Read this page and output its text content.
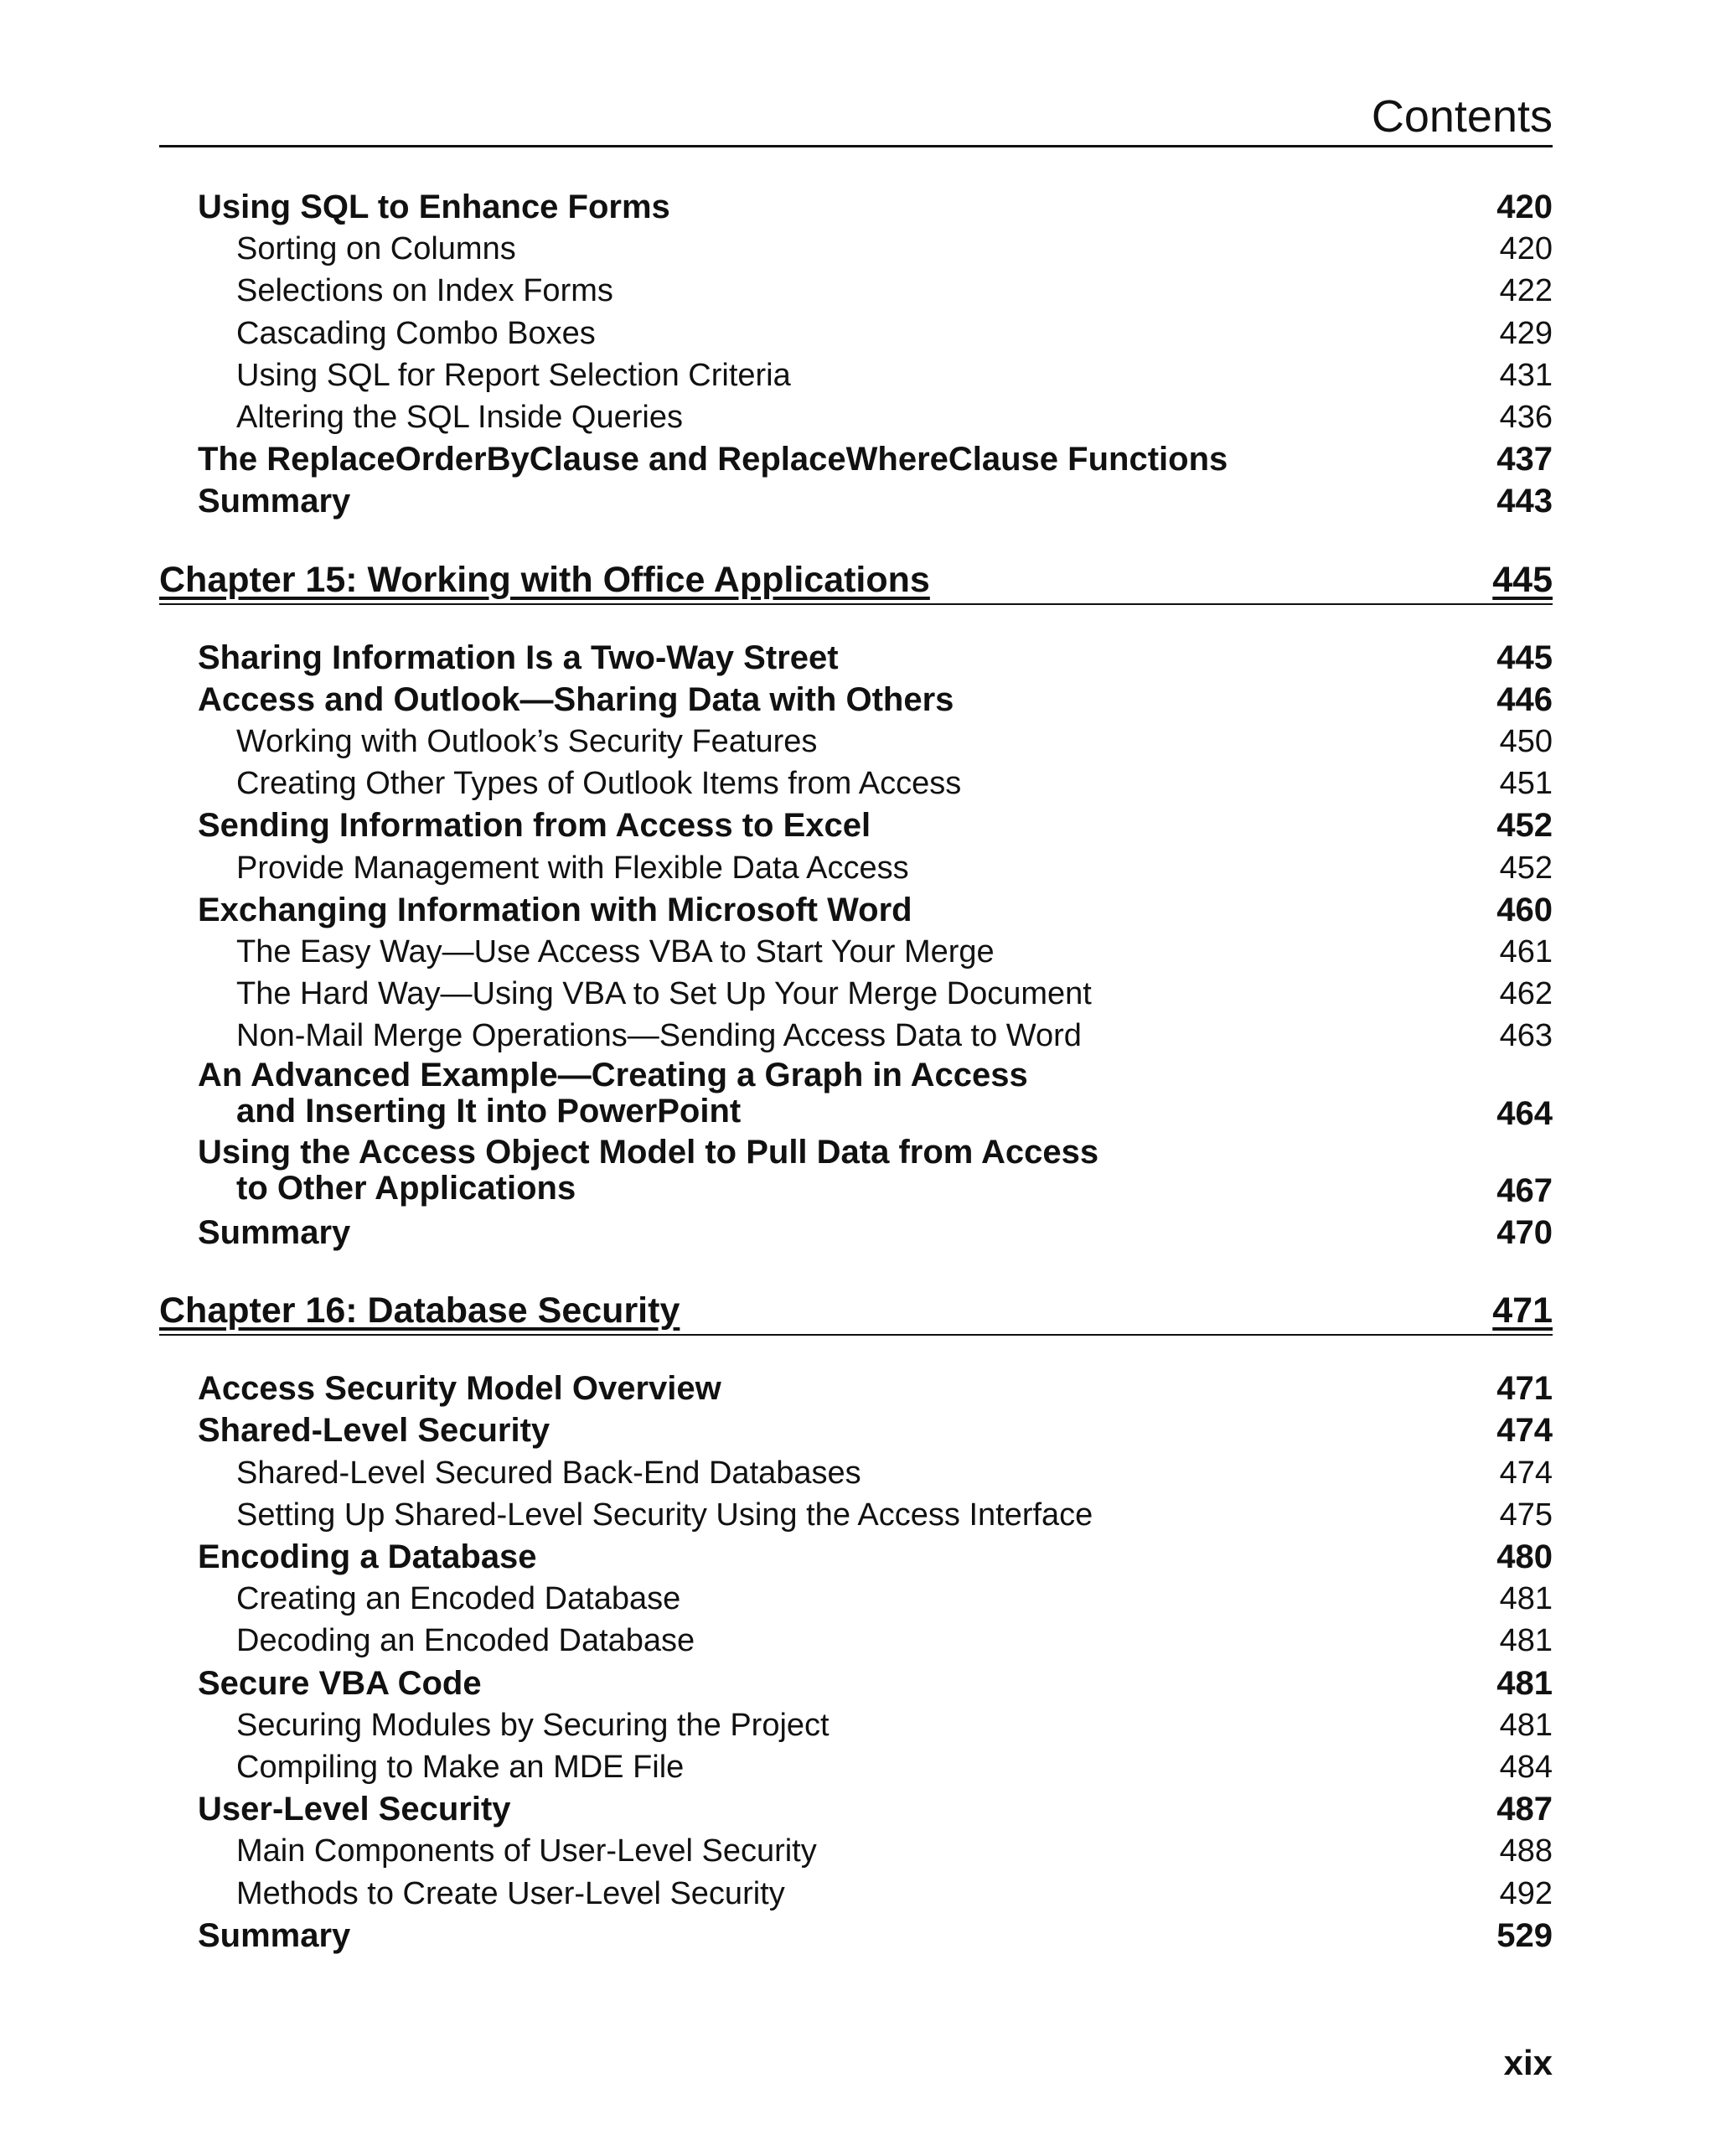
Contents
Using SQL to Enhance Forms	420
Sorting on Columns	420
Selections on Index Forms	422
Cascading Combo Boxes	429
Using SQL for Report Selection Criteria	431
Altering the SQL Inside Queries	436
The ReplaceOrderByClause and ReplaceWhereClause Functions	437
Summary	443
Chapter 15: Working with Office Applications	445
Sharing Information Is a Two-Way Street	445
Access and Outlook—Sharing Data with Others	446
Working with Outlook’s Security Features	450
Creating Other Types of Outlook Items from Access	451
Sending Information from Access to Excel	452
Provide Management with Flexible Data Access	452
Exchanging Information with Microsoft Word	460
The Easy Way—Use Access VBA to Start Your Merge	461
The Hard Way—Using VBA to Set Up Your Merge Document	462
Non-Mail Merge Operations—Sending Access Data to Word	463
An Advanced Example—Creating a Graph in Access
and Inserting It into PowerPoint	464
Using the Access Object Model to Pull Data from Access
to Other Applications	467
Summary	470
Chapter 16: Database Security	471
Access Security Model Overview	471
Shared-Level Security	474
Shared-Level Secured Back-End Databases	474
Setting Up Shared-Level Security Using the Access Interface	475
Encoding a Database	480
Creating an Encoded Database	481
Decoding an Encoded Database	481
Secure VBA Code	481
Securing Modules by Securing the Project	481
Compiling to Make an MDE File	484
User-Level Security	487
Main Components of User-Level Security	488
Methods to Create User-Level Security	492
Summary	529
xix
